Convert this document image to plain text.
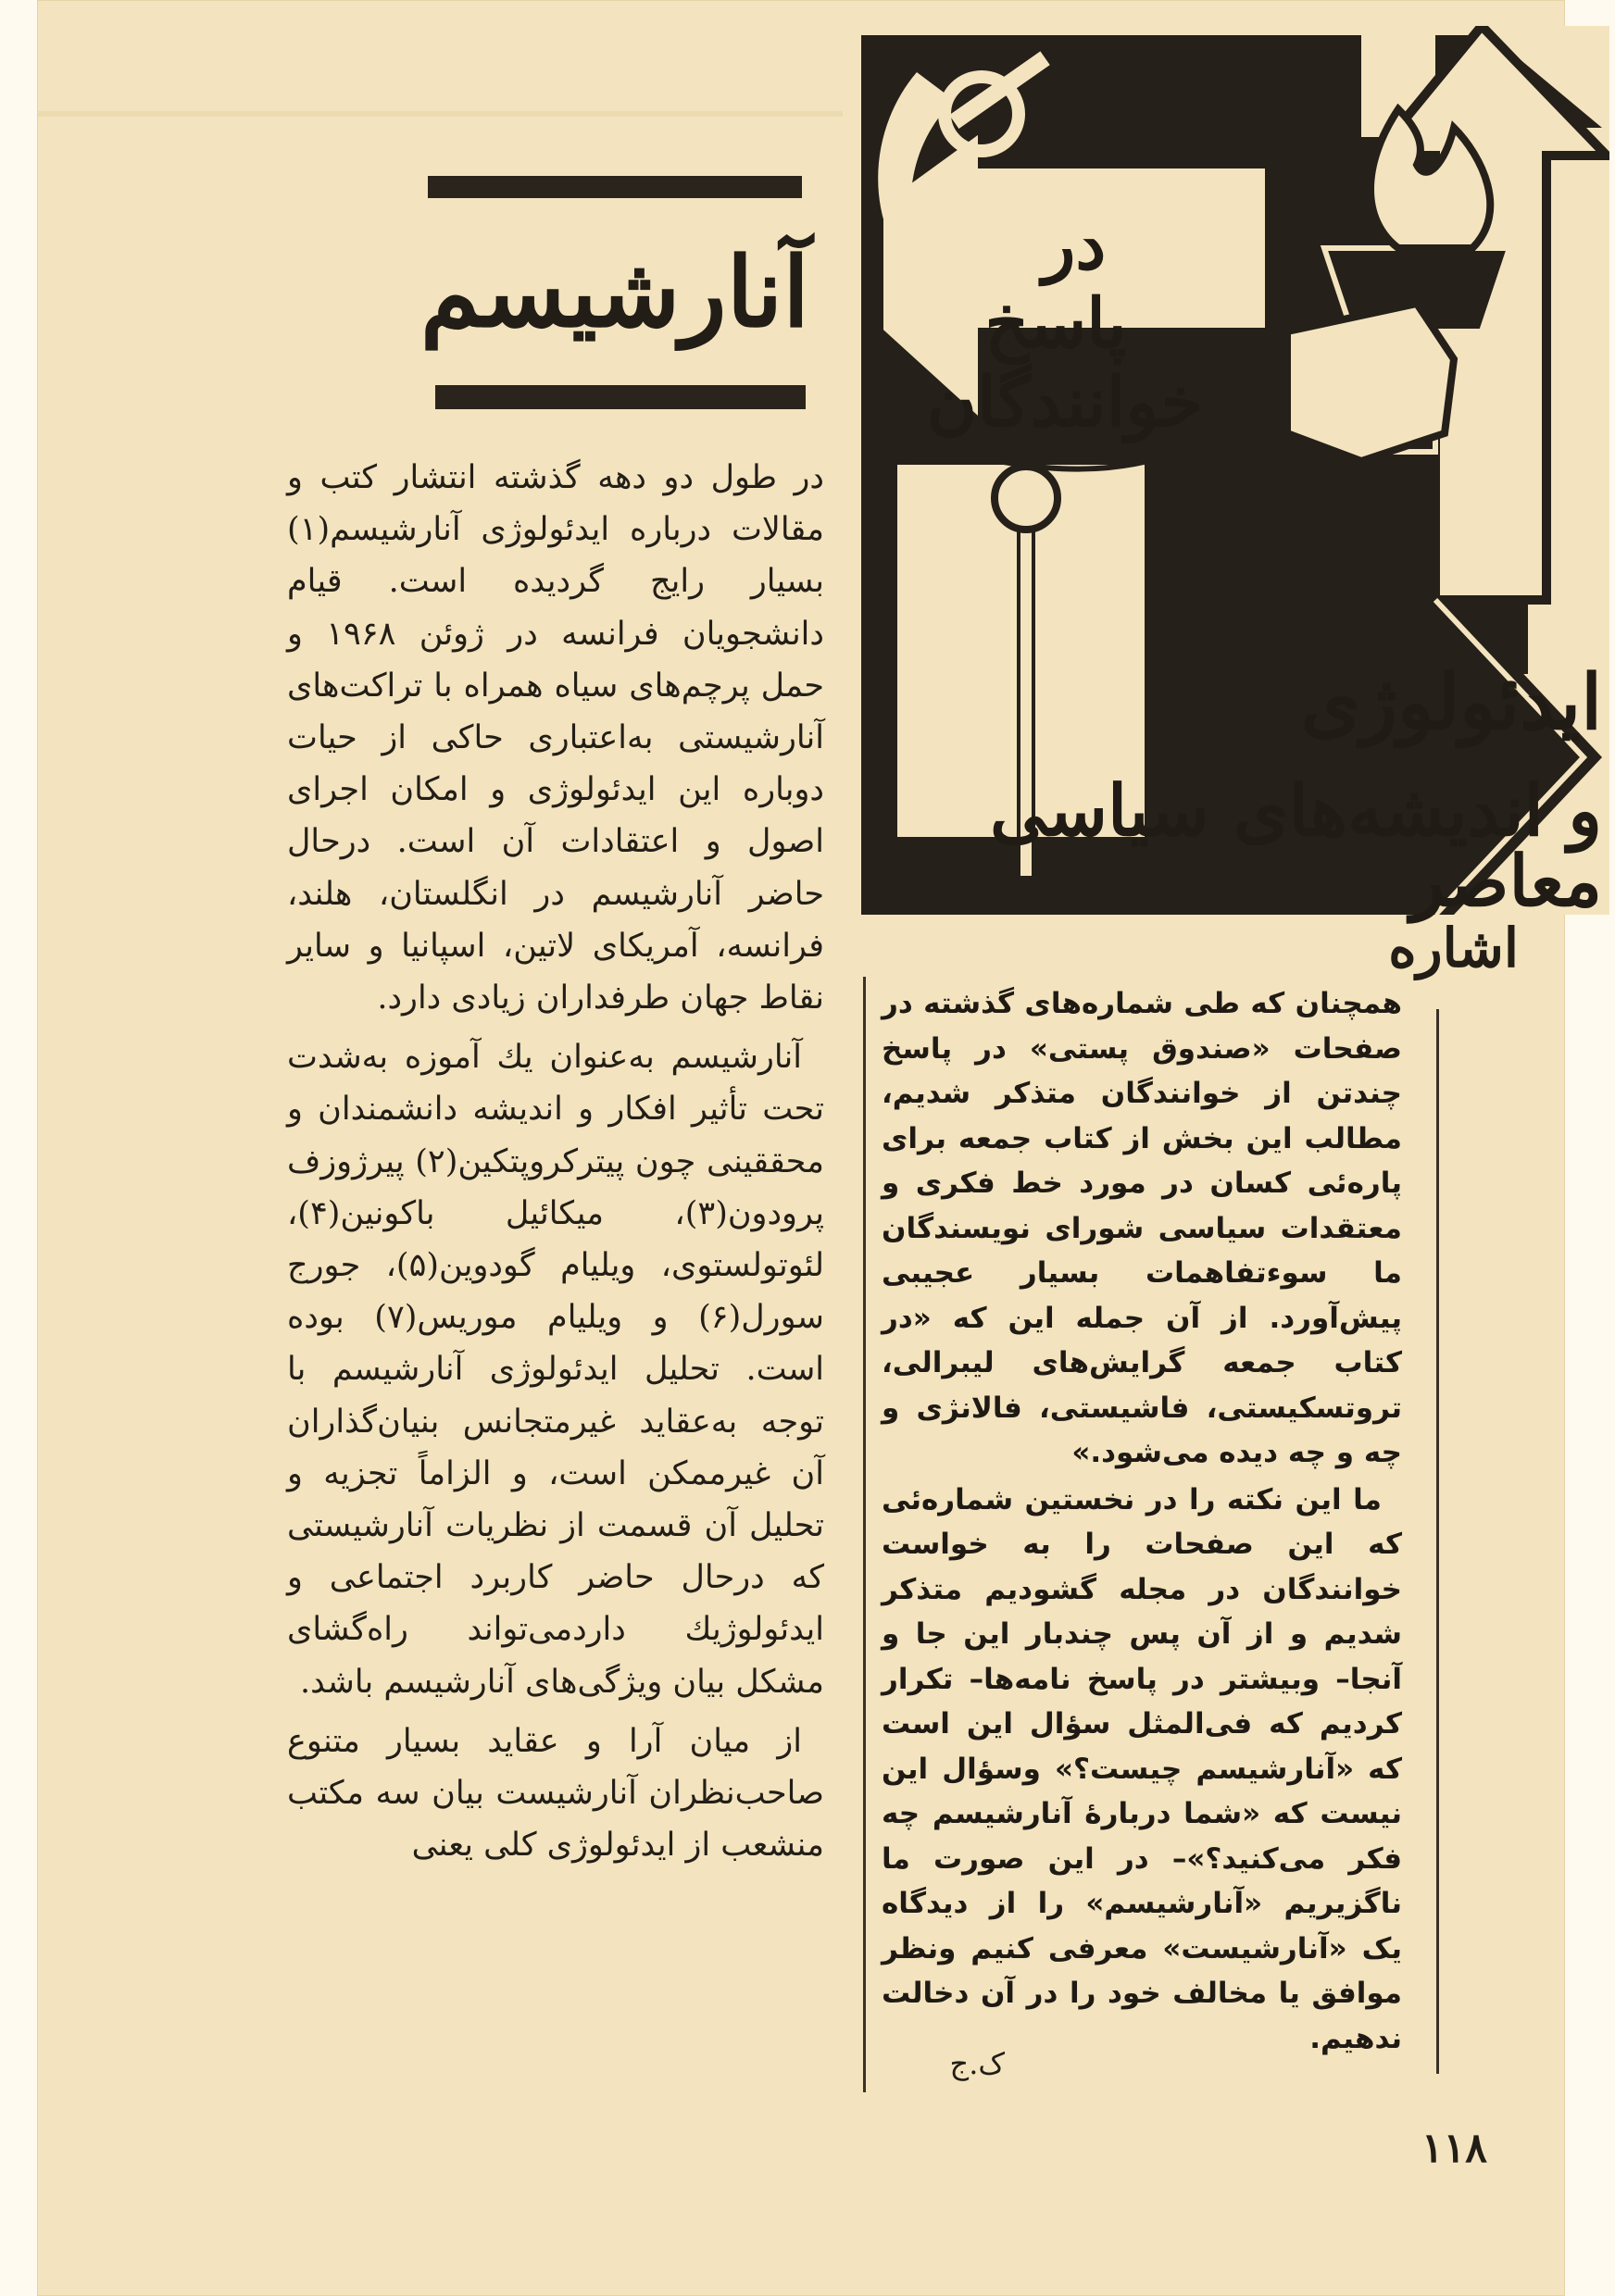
آنارشیسم	در
پاسخ
خوانندگان
ایدئولوژی
و اندیشه‌های سیاسی معاصر

در طول دو دهه گذشته انتشار کتب و مقالات درباره ایدئولوژی آنارشیسم(۱) بسیار رایج گردیده است. قیام دانشجویان فرانسه در ژوئن ۱۹۶۸ و حمل پرچم‌های سیاه همراه با تراکت‌های آنارشیستی به‌اعتباری حاکی از حیات دوباره این ایدئولوژی و امکان اجرای اصول و اعتقادات آن است. درحال حاضر آنارشیسم در انگلستان، هلند، فرانسه، آمریکای لاتین، اسپانیا و سایر نقاط جهان طرفداران زیادی دارد.

آنارشیسم به‌عنوان یك آموزه به‌شدت تحت تأثیر افکار و اندیشه دانشمندان و محققینی چون پیترکروپتکین(۲) پیر‌ژوزف پرودون(۳)، میکائیل باکونین(۴)، لئوتولستوی، ویلیام گودوین(۵)، جورج سورل(۶) و ویلیام موریس(۷) بوده است. تحلیل ایدئولوژی آنارشیسم با توجه به‌عقاید غیرمتجانس بنیان‌گذاران آن غیرممکن است، و الزاماً تجزیه و تحلیل آن قسمت از نظریات آنارشیستی که درحال حاضر کاربرد اجتماعی و ایدئولوژیك داردمی‌تواند راه‌گشای مشکل بیان ویژگی‌های آنارشیسم باشد.

از میان آرا و عقاید بسیار متنوع صاحب‌نظران آنارشیست بیان سه مکتب منشعب از ایدئولوژی کلی یعنی

اشاره

همچنان که طی شماره‌های گذشته در صفحات «صندوق پستی» در پاسخ چندتن از خوانندگان متذکر شدیم، مطالب این بخش از کتاب جمعه برای پاره‌ئی کسان در مورد خط فکری و معتقدات سیاسی شورای نویسندگان ما سوءتفاهمات بسیار عجیبی پیش‌آورد. از آن جمله این که «در کتاب جمعه گرایش‌های لیبرالی، تروتسکیستی، فاشیستی، فالانژی و چه و چه دیده می‌شود.»

ما این نکته را در نخستین شماره‌ئی که این صفحات را به خواست خوانندگان در مجله گشودیم متذکر شدیم و از آن پس چندبار این جا و آنجا– وبیشتر در پاسخ نامه‌ها– تکرار کردیم که فی‌المثل سؤال این است که «آنارشیسم چیست؟» وسؤال این نیست که «شما دربارهٔ آنارشیسم چه فکر می‌کنید؟»– در این صورت ما ناگزیریم «آنارشیسم» را از دیدگاه یک «آنارشیست» معرفی کنیم ونظر موافق یا مخالف خود را در آن دخالت ندهیم.

ک.ج
۱۱۸
